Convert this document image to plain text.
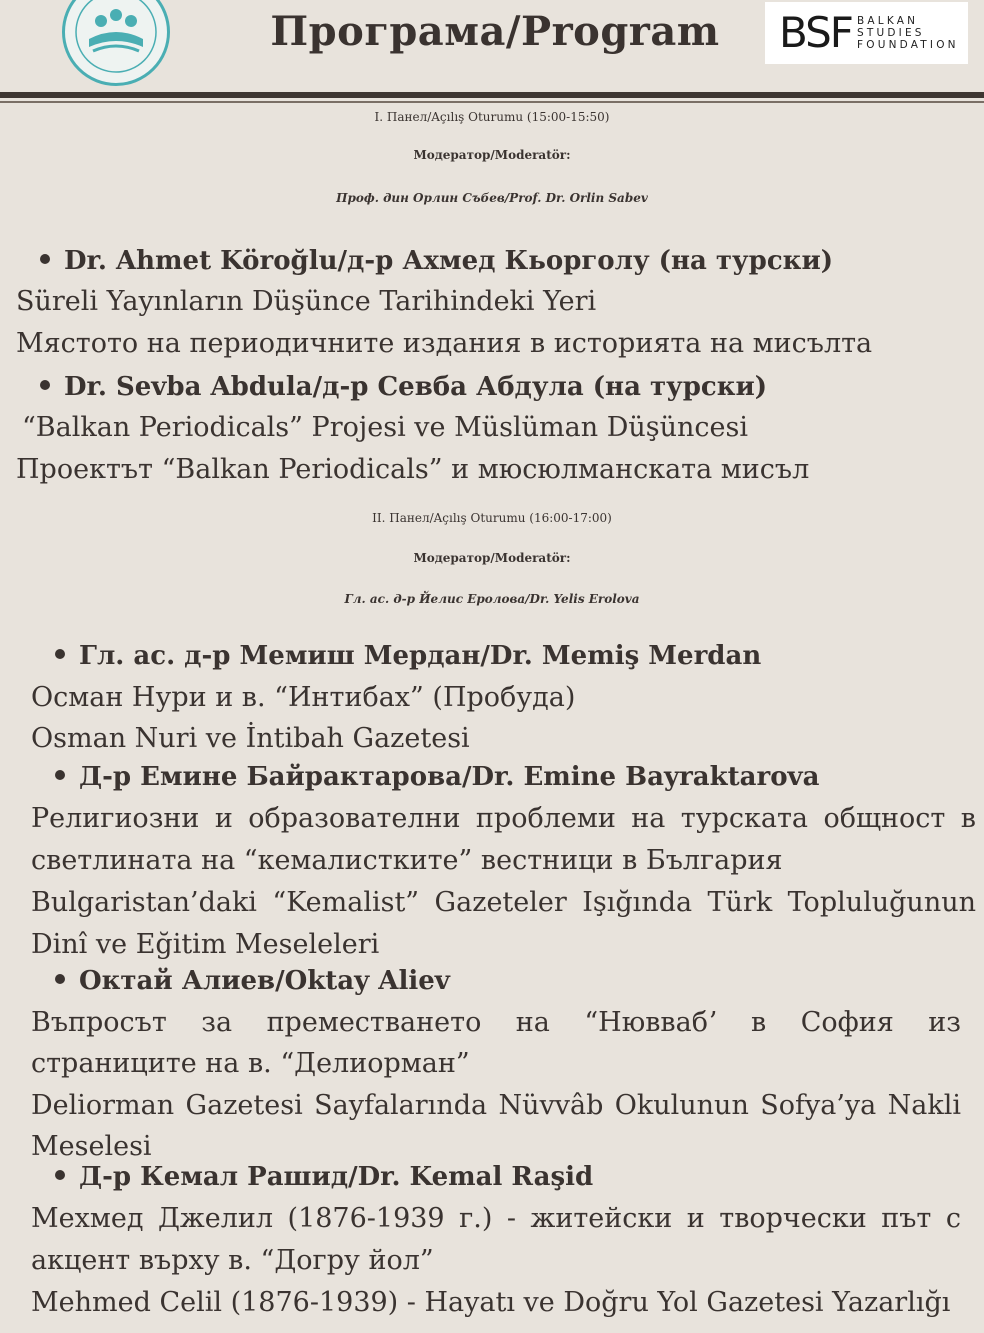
Програма/Program	BSF BALKAN
STUDIES
FOUNDATION
I. Панел/Açılış Oturumu (15:00-15:50)
Модератор/Moderatör:
Проф. дин Орлин Събев/Prof. Dr. Orlin Sabev
Dr. Ahmet Köroğlu/д-р Ахмед Кьорголу (на турски)
Süreli Yayınların Düşünce Tarihindeki Yeri
Мястото на периодичните издания в историята на мисълта
Dr. Sevba Abdula/д-р Севба Абдула (на турски)
“Balkan Periodicals” Projesi ve Müslüman Düşüncesi
Проектът “Balkan Periodicals” и мюсюлманската мисъл
II. Панел/Açılış Oturumu (16:00-17:00)
Модератор/Moderatör:
Гл. ас. д-р Йелис Еролова/Dr. Yelis Erolova
Гл. ас. д-р Мемиш Мердан/Dr. Memiş Merdan
Осман Нури и в. “Интибах” (Пробуда)
Osman Nuri ve İntibah Gazetesi
Д-р Емине Байрактарова/Dr. Emine Bayraktarova
Религиозни и образователни проблеми на турската общност в
светлината на “кемалистките” вестници в България
Bulgaristan’daki “Kemalist” Gazeteler Işığında Türk Topluluğunun
Dinî ve Eğitim Meseleleri
Октай Алиев/Oktay Aliev
Въпросът за преместването на “Нюввабʼ в София из
страниците на в. “Делиорман”
Deliorman Gazetesi Sayfalarında Nüvvâb Okulunun Sofya’ya Nakli
Meselesi
Д-р Кемал Рашид/Dr. Kemal Raşid
Мехмед Джелил (1876-1939 г.) - житейски и творчески път с
акцент върху в. “Догру йол”
Mehmed Celil (1876-1939) - Hayatı ve Doğru Yol Gazetesi Yazarlığı
